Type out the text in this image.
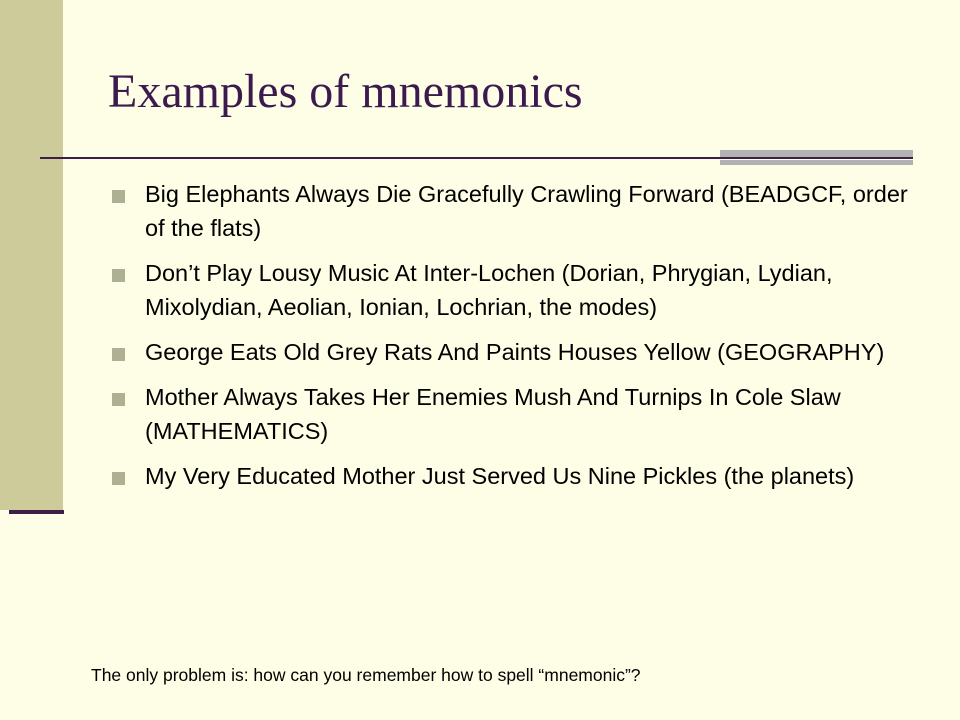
Examples of mnemonics
Big Elephants Always Die Gracefully Crawling Forward (BEADGCF, order of the flats)
Don’t Play Lousy Music At Inter-Lochen (Dorian, Phrygian, Lydian, Mixolydian, Aeolian, Ionian, Lochrian, the modes)
George Eats Old Grey Rats And Paints Houses Yellow (GEOGRAPHY)
Mother Always Takes Her Enemies Mush And Turnips In Cole Slaw (MATHEMATICS)
My Very Educated Mother Just Served Us Nine Pickles (the planets)
The only problem is: how can you remember how to spell “mnemonic”?
